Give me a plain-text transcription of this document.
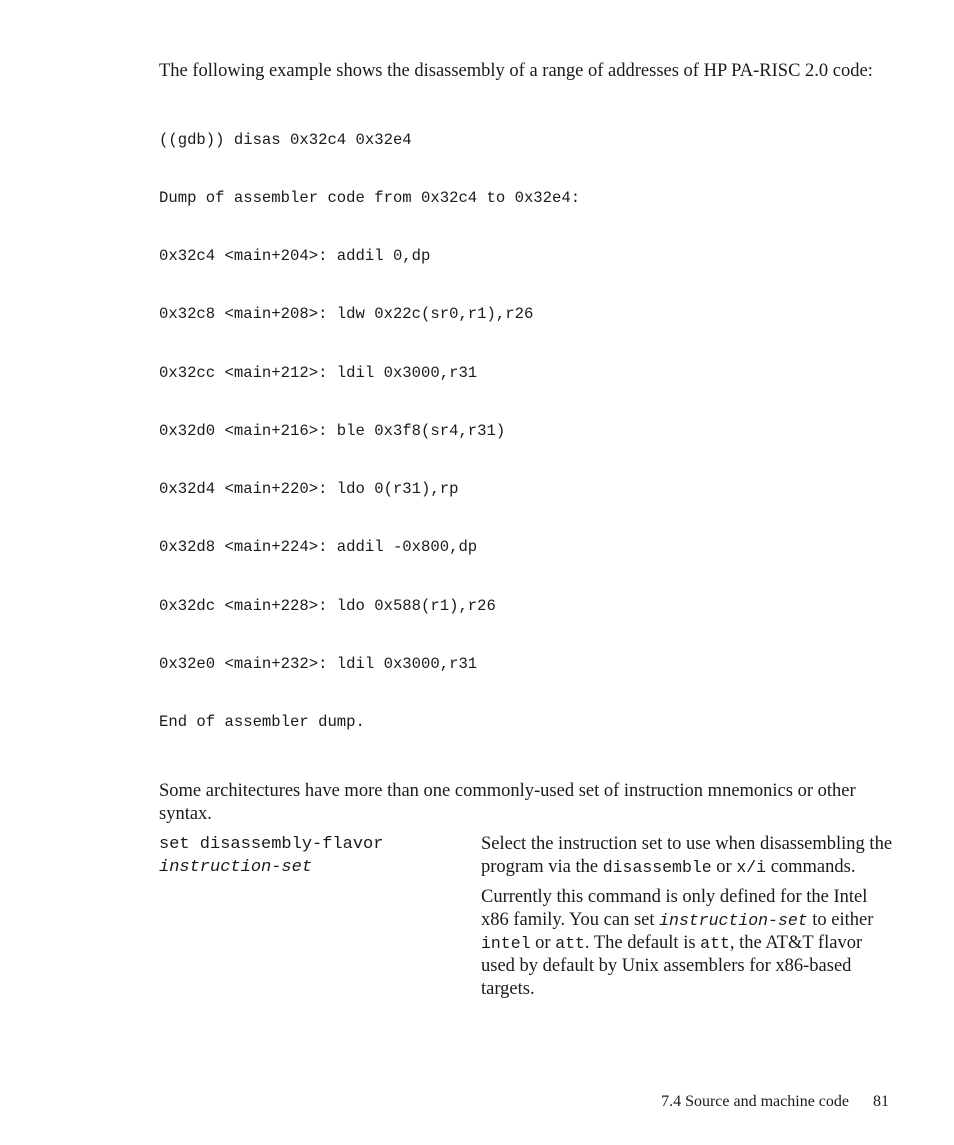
The following example shows the disassembly of a range of addresses of HP PA-RISC 2.0 code:

((gdb)) disas 0x32c4 0x32e4

Dump of assembler code from 0x32c4 to 0x32e4:

0x32c4 <main+204>: addil 0,dp

0x32c8 <main+208>: ldw 0x22c(sr0,r1),r26

0x32cc <main+212>: ldil 0x3000,r31

0x32d0 <main+216>: ble 0x3f8(sr4,r31)

0x32d4 <main+220>: ldo 0(r31),rp

0x32d8 <main+224>: addil -0x800,dp

0x32dc <main+228>: ldo 0x588(r1),r26

0x32e0 <main+232>: ldil 0x3000,r31

End of assembler dump.

Some architectures have more than one commonly-used set of instruction mnemonics or other syntax.

set disassembly-flavor
instruction-set

Select the instruction set to use when disassembling the program via the disassemble or x/i commands.

Currently this command is only defined for the Intel x86 family. You can set instruction-set to either intel or att. The default is att, the AT&T flavor used by default by Unix assemblers for x86-based targets.

7.4 Source and machine code 81
